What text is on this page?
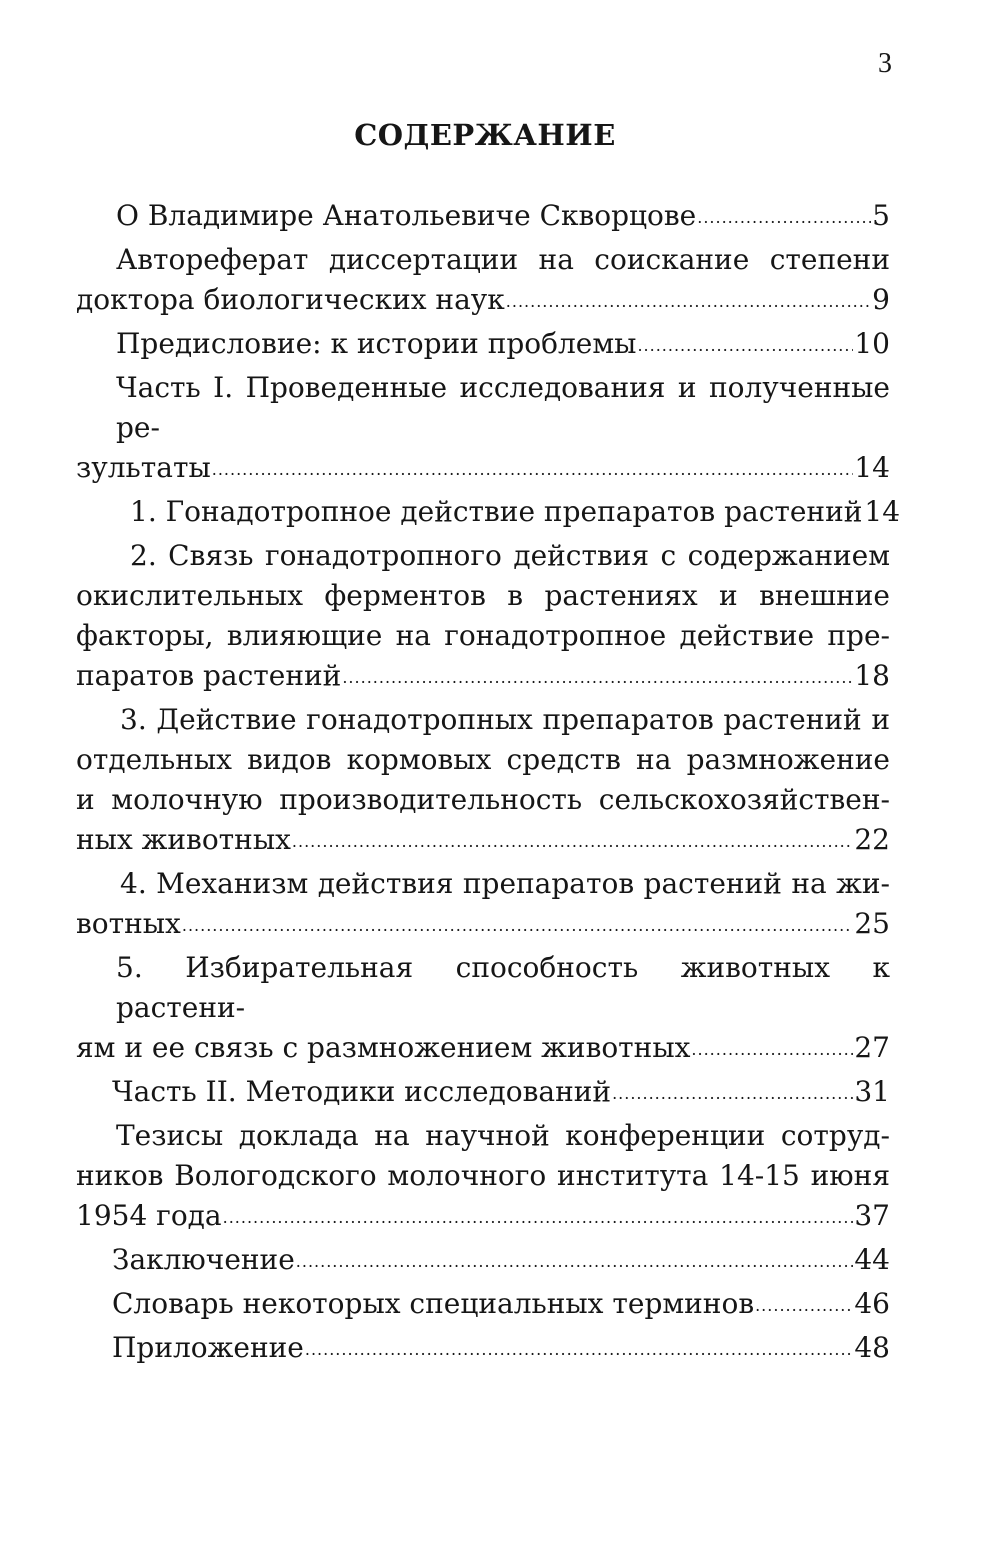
3
СОДЕРЖАНИЕ
О Владимире Анатольевиче Скворцове .....	5
Автореферат диссертации на соискание степени
доктора биологических наук .....	9
Предисловие: к истории проблемы .....	10
Часть I. Проведенные исследования и полученные ре-
зультаты .....	14
1. Гонадотропное действие препаратов растений 14
2. Связь гонадотропного действия с содержанием
окислительных ферментов в растениях и внешние
факторы, влияющие на гонадотропное действие пре-
паратов растений .....	18
3. Действие гонадотропных препаратов растений и
отдельных видов кормовых средств на размножение
и молочную производительность сельскохозяйствен-
ных животных .....	22
4. Механизм действия препаратов растений на жи-
вотных .....	25
5. Избирательная способность животных к растени-
ям и ее связь с размножением животных .....	27
Часть II. Методики исследований .....	31
Тезисы доклада на научной конференции сотруд-
ников Вологодского молочного института 14-15 июня
1954 года .....	37
Заключение .....	44
Словарь некоторых специальных терминов .....	46
Приложение .....	48
